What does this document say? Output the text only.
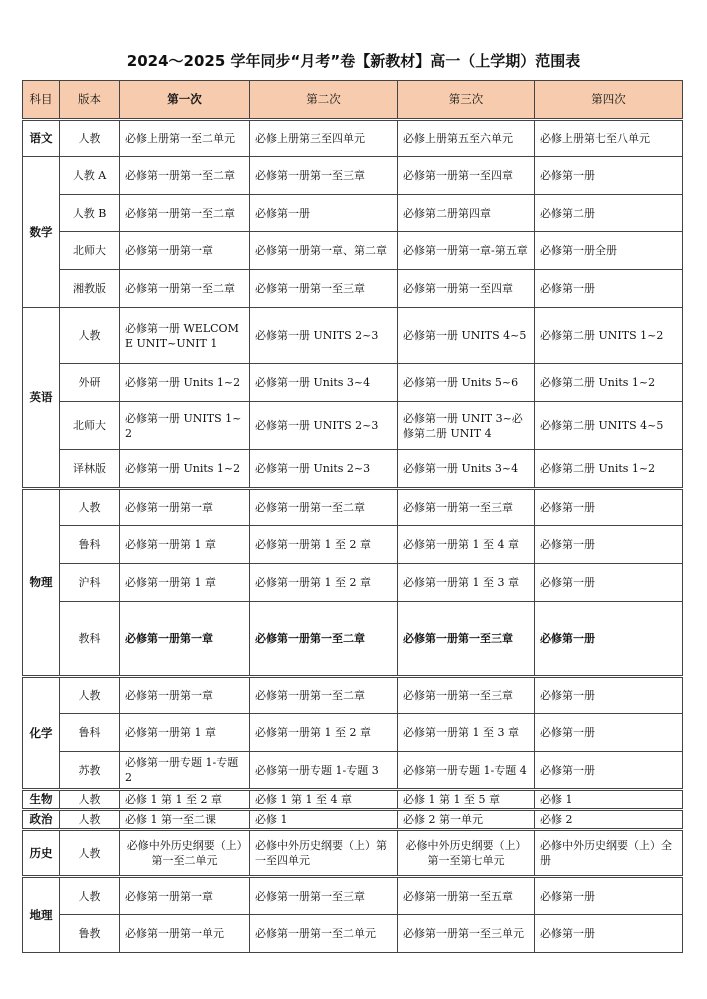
2024～2025 学年同步“月考”卷【新教材】高一（上学期）范围表
科目	版本	第一次	第二次	第三次	第四次
语文	人教	必修上册第一至二单元	必修上册第三至四单元	必修上册第五至六单元	必修上册第七至八单元
数学	人教 A	必修第一册第一至二章	必修第一册第一至三章	必修第一册第一至四章	必修第一册
	人教 B	必修第一册第一至二章	必修第一册	必修第二册第四章	必修第二册
	北师大	必修第一册第一章	必修第一册第一章、第二章	必修第一册第一章-第五章	必修第一册全册
	湘教版	必修第一册第一至二章	必修第一册第一至三章	必修第一册第一至四章	必修第一册
英语	人教	必修第一册 WELCOME UNIT~UNIT 1	必修第一册 UNITS 2~3	必修第一册 UNITS 4~5	必修第二册 UNITS 1~2
	外研	必修第一册 Units 1~2	必修第一册 Units 3~4	必修第一册 Units 5~6	必修第二册 Units 1~2
	北师大	必修第一册 UNITS 1~2	必修第一册 UNITS 2~3	必修第一册 UNIT 3~必修第二册 UNIT 4	必修第二册 UNITS 4~5
	译林版	必修第一册 Units 1~2	必修第一册 Units 2~3	必修第一册 Units 3~4	必修第二册 Units 1~2
物理	人教	必修第一册第一章	必修第一册第一至二章	必修第一册第一至三章	必修第一册
	鲁科	必修第一册第 1 章	必修第一册第 1 至 2 章	必修第一册第 1 至 4 章	必修第一册
	沪科	必修第一册第 1 章	必修第一册第 1 至 2 章	必修第一册第 1 至 3 章	必修第一册
	教科	必修第一册第一章	必修第一册第一至二章	必修第一册第一至三章	必修第一册
化学	人教	必修第一册第一章	必修第一册第一至二章	必修第一册第一至三章	必修第一册
	鲁科	必修第一册第 1 章	必修第一册第 1 至 2 章	必修第一册第 1 至 3 章	必修第一册
	苏教	必修第一册专题 1-专题 2	必修第一册专题 1-专题 3	必修第一册专题 1-专题 4	必修第一册
生物	人教	必修 1 第 1 至 2 章	必修 1 第 1 至 4 章	必修 1 第 1 至 5 章	必修 1
政治	人教	必修 1 第一至二课	必修 1	必修 2 第一单元	必修 2
历史	人教	必修中外历史纲要（上）第一至二单元	必修中外历史纲要（上）第一至四单元	必修中外历史纲要（上）第一至第七单元	必修中外历史纲要（上）全册
地理	人教	必修第一册第一章	必修第一册第一至三章	必修第一册第一至五章	必修第一册
	鲁教	必修第一册第一单元	必修第一册第一至二单元	必修第一册第一至三单元	必修第一册
